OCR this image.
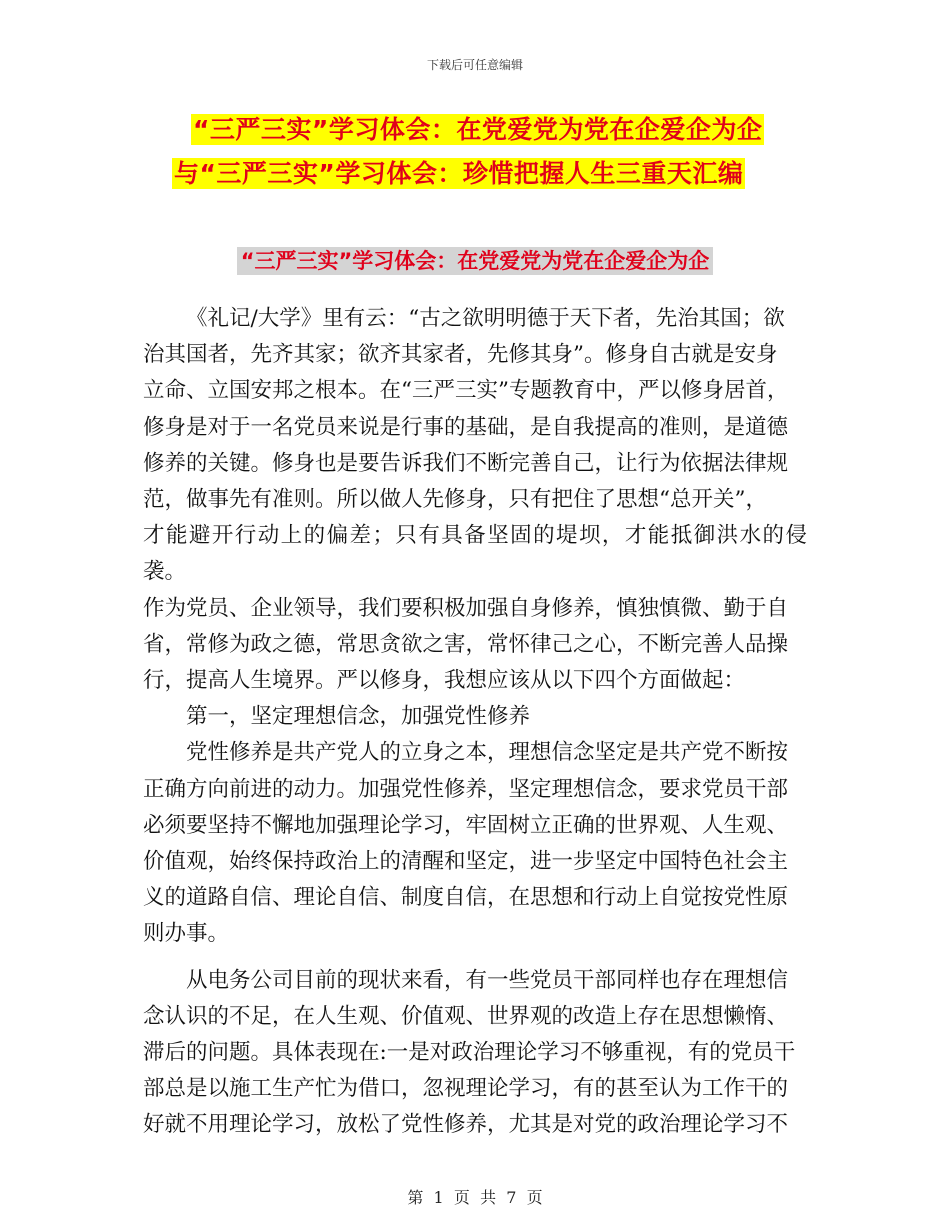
下载后可任意编辑
“三严三实”学习体会：在党爱党为党在企爱企为企
与“三严三实”学习体会：珍惜把握人生三重天汇编
“三严三实”学习体会：在党爱党为党在企爱企为企

《礼记/大学》里有云：“古之欲明明德于天下者，先治其国；欲

治其国者，先齐其家；欲齐其家者，先修其身”。修身自古就是安身

立命、立国安邦之根本。在“三严三实”专题教育中，严以修身居首，

修身是对于一名党员来说是行事的基础，是自我提高的准则，是道德

修养的关键。修身也是要告诉我们不断完善自己，让行为依据法律规

范，做事先有准则。所以做人先修身，只有把住了思想“总开关”，

才能避开行动上的偏差；只有具备坚固的堤坝，才能抵御洪水的侵袭。

作为党员、企业领导，我们要积极加强自身修养，慎独慎微、勤于自

省，常修为政之德，常思贪欲之害，常怀律己之心，不断完善人品操

行，提高人生境界。严以修身，我想应该从以下四个方面做起：

第一，坚定理想信念，加强党性修养

党性修养是共产党人的立身之本，理想信念坚定是共产党不断按

正确方向前进的动力。加强党性修养，坚定理想信念，要求党员干部

必须要坚持不懈地加强理论学习，牢固树立正确的世界观、人生观、

价值观，始终保持政治上的清醒和坚定，进一步坚定中国特色社会主

义的道路自信、理论自信、制度自信，在思想和行动上自觉按党性原

则办事。

从电务公司目前的现状来看，有一些党员干部同样也存在理想信

念认识的不足，在人生观、价值观、世界观的改造上存在思想懒惰、

滞后的问题。具体表现在:一是对政治理论学习不够重视，有的党员干

部总是以施工生产忙为借口，忽视理论学习，有的甚至认为工作干的

好就不用理论学习，放松了党性修养，尤其是对党的政治理论学习不

第  1  页  共  7  页
